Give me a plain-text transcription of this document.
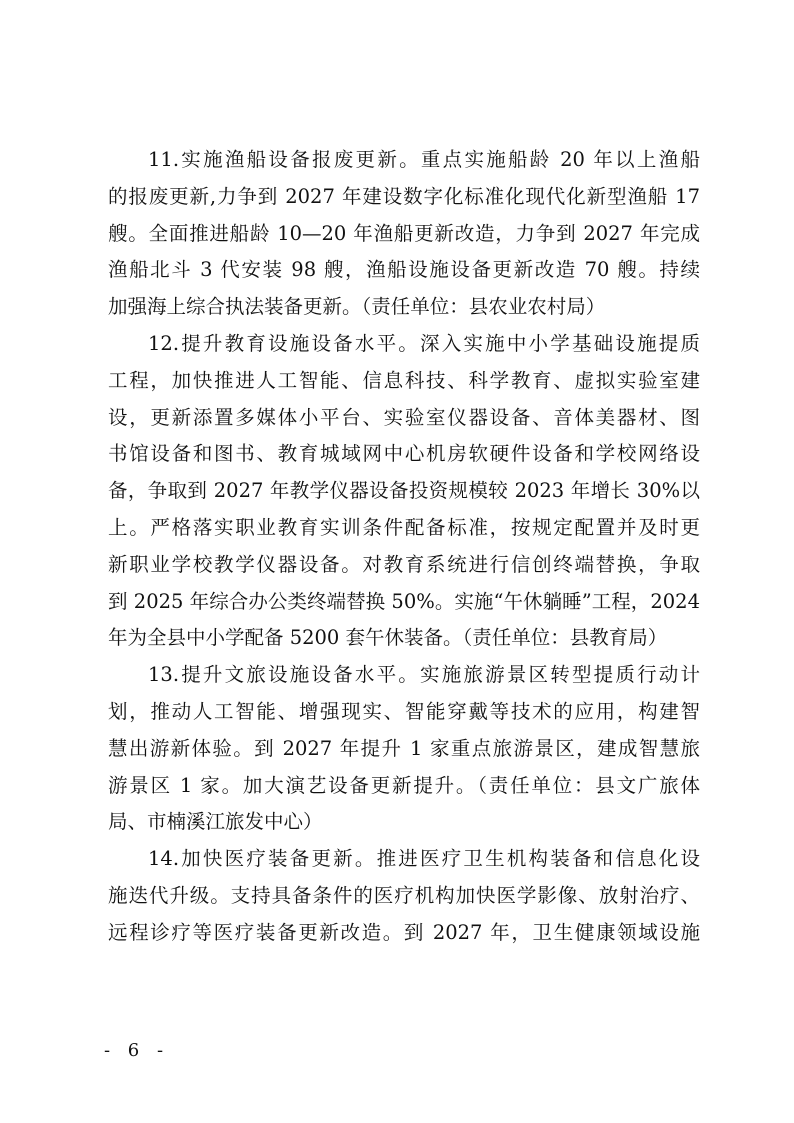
11.实施渔船设备报废更新。重点实施船龄 20 年以上渔船
的报废更新,力争到 2027 年建设数字化标准化现代化新型渔船 17
艘。全面推进船龄 10—20 年渔船更新改造，力争到 2027 年完成
渔船北斗 3 代安装 98 艘，渔船设施设备更新改造 70 艘。持续
加强海上综合执法装备更新。（责任单位：县农业农村局）
12.提升教育设施设备水平。深入实施中小学基础设施提质
工程，加快推进人工智能、信息科技、科学教育、虚拟实验室建
设，更新添置多媒体小平台、实验室仪器设备、音体美器材、图
书馆设备和图书、教育城域网中心机房软硬件设备和学校网络设
备，争取到 2027 年教学仪器设备投资规模较 2023 年增长 30%以
上。严格落实职业教育实训条件配备标准，按规定配置并及时更
新职业学校教学仪器设备。对教育系统进行信创终端替换，争取
到 2025 年综合办公类终端替换 50%。实施“午休躺睡”工程，2024
年为全县中小学配备 5200 套午休装备。（责任单位：县教育局）
13.提升文旅设施设备水平。实施旅游景区转型提质行动计
划，推动人工智能、增强现实、智能穿戴等技术的应用，构建智
慧出游新体验。到 2027 年提升 1 家重点旅游景区，建成智慧旅
游景区 1 家。加大演艺设备更新提升。（责任单位：县文广旅体
局、市楠溪江旅发中心）
14.加快医疗装备更新。推进医疗卫生机构装备和信息化设
施迭代升级。支持具备条件的医疗机构加快医学影像、放射治疗、
远程诊疗等医疗装备更新改造。到 2027 年，卫生健康领域设施
- 6 -
